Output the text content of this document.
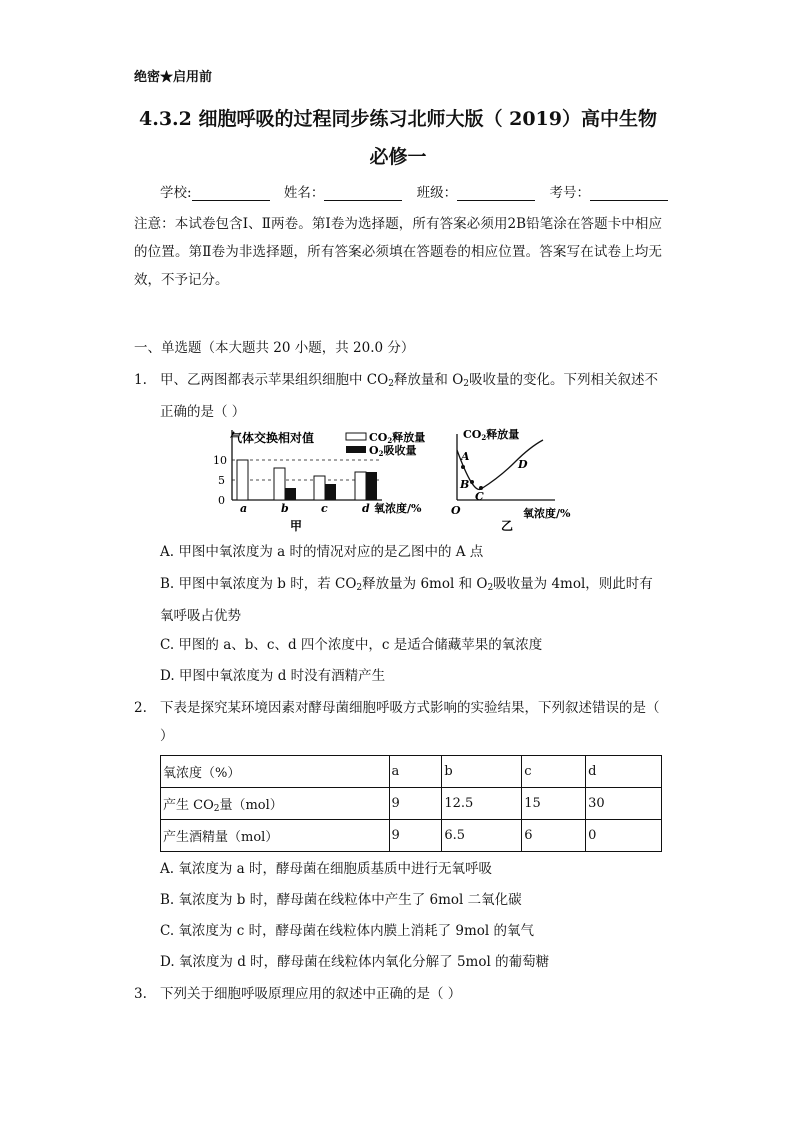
绝密★启用前
4.3.2 细胞呼吸的过程同步练习北师大版（ 2019）高中生物必修一
学校:	姓名：	班级：	考号：
注意：本试卷包含Ⅰ、Ⅱ两卷。第Ⅰ卷为选择题，所有答案必须用2B铅笔涂在答题卡中相应的位置。第Ⅱ卷为非选择题，所有答案必须填在答题卷的相应位置。答案写在试卷上均无效，不予记分。
一、单选题（本大题共 20 小题，共 20.0 分）
1. 甲、乙两图都表示苹果组织细胞中 $CO_2$释放量和 $O_2$吸收量的变化。下列相关叙述不正确的是（ ）
10
5
0
气体交换相对值	CO2释放量
O2吸收量
a	b	c	d 氧浓度/%
甲
CO2释放量
A
B
C
D
O	氧浓度/%
乙
A. 甲图中氧浓度为 a 时的情况对应的是乙图中的 A 点
B. 甲图中氧浓度为 b 时，若 $CO_2$释放量为 6mol 和 $O_2$吸收量为 4mol，则此时有氧呼吸占优势
C. 甲图的 a、b、c、d 四个浓度中，c 是适合储藏苹果的氧浓度
D. 甲图中氧浓度为 d 时没有酒精产生
2. 下表是探究某环境因素对酵母菌细胞呼吸方式影响的实验结果，下列叙述错误的是（ ）
氧浓度（%）	a	b	c	d
产生 $CO_2$量（mol）	9	12.5	15	30
产生酒精量（mol）	9	6.5	6	0
A. 氧浓度为 a 时，酵母菌在细胞质基质中进行无氧呼吸
B. 氧浓度为 b 时，酵母菌在线粒体中产生了 6mol 二氧化碳
C. 氧浓度为 c 时，酵母菌在线粒体内膜上消耗了 9mol 的氧气
D. 氧浓度为 d 时，酵母菌在线粒体内氧化分解了 5mol 的葡萄糖
3. 下列关于细胞呼吸原理应用的叙述中正确的是（ ）
